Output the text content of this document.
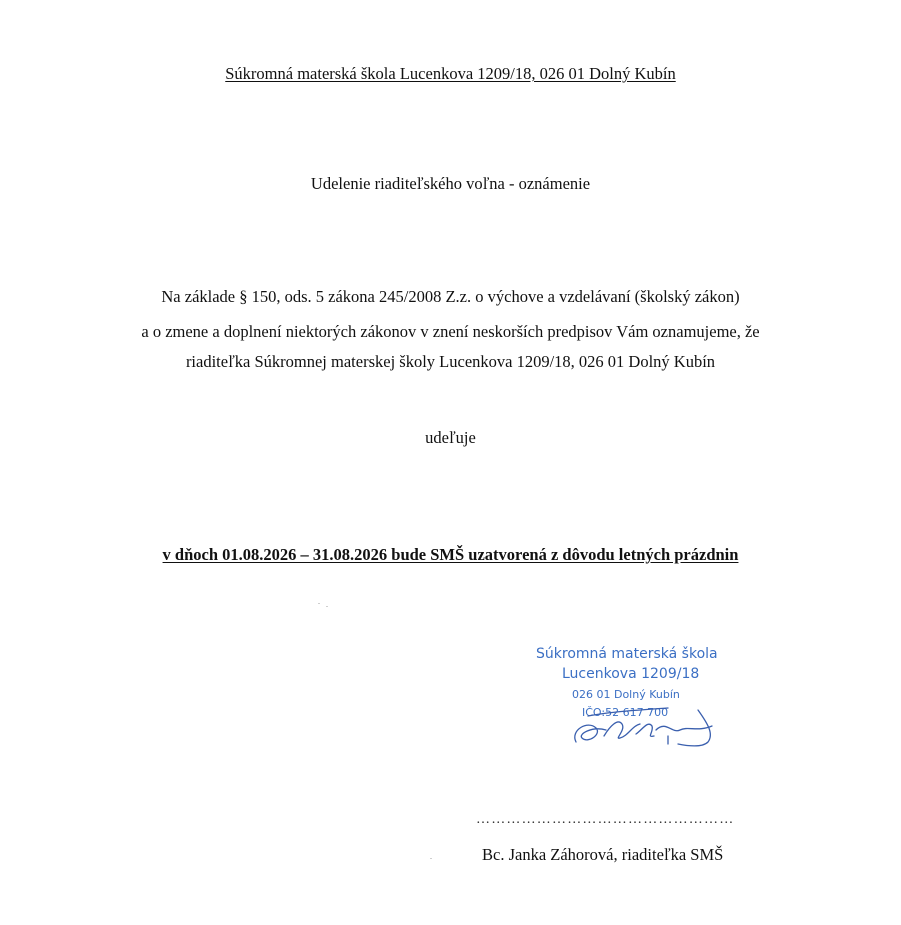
Súkromná materská škola Lucenkova 1209/18, 026 01 Dolný Kubín
Udelenie riaditeľského voľna - oznámenie
Na základe § 150, ods. 5 zákona 245/2008 Z.z. o výchove a vzdelávaní (školský zákon)
a o zmene a doplnení niektorých zákonov v znení neskorších predpisov Vám oznamujeme, že
riaditeľka Súkromnej materskej školy Lucenkova 1209/18, 026 01 Dolný Kubín
udeľuje
v dňoch 01.08.2026 – 31.08.2026 bude SMŠ uzatvorená z dôvodu letných prázdnin
Súkromná materská škola
Lucenkova 1209/18
026 01 Dolný Kubín
IČO:52 617 700
……………………………………………
Bc. Janka Záhorová, riaditeľka SMŠ
